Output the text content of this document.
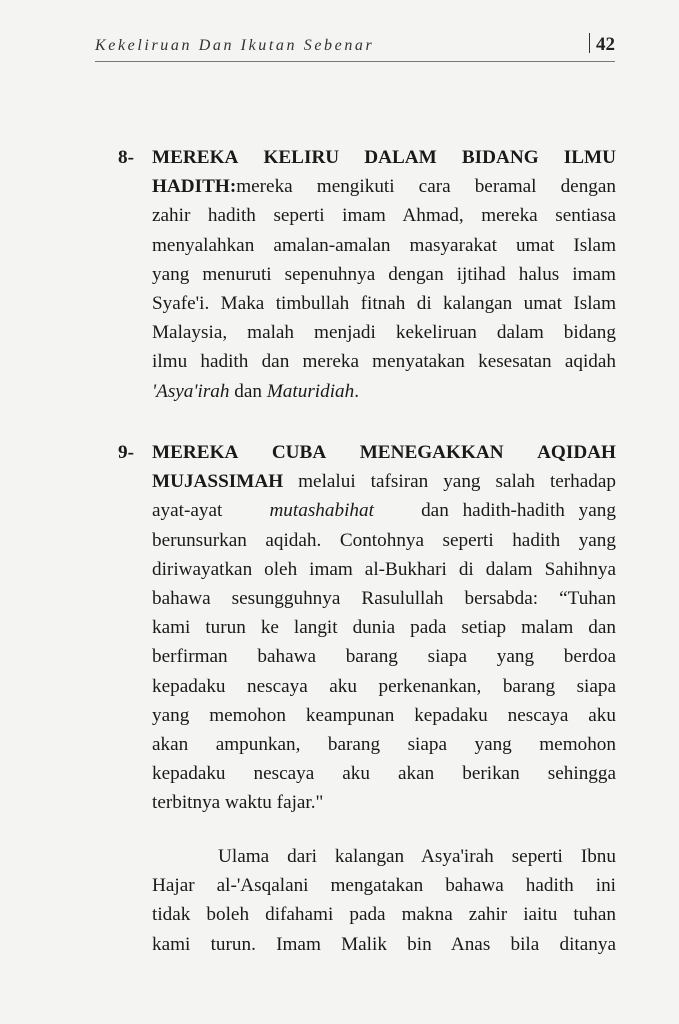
Kekeliruan Dan Ikutan Sebenar	42
8- MEREKA KELIRU DALAM BIDANG ILMU
HADITH:mereka mengikuti cara beramal dengan
zahir hadith seperti imam Ahmad, mereka sentiasa
menyalahkan amalan-amalan masyarakat umat Islam
yang menuruti sepenuhnya dengan ijtihad halus imam
Syafe'i. Maka timbullah fitnah di kalangan umat Islam
Malaysia, malah menjadi kekeliruan dalam bidang
ilmu hadith dan mereka menyatakan kesesatan aqidah
'Asya'irah dan Maturidiah.
9- MEREKA CUBA MENEGAKKAN AQIDAH
MUJASSIMAH melalui tafsiran yang salah terhadap
ayat-ayat mutashabihat dan hadith-hadith yang
berunsurkan aqidah. Contohnya seperti hadith yang
diriwayatkan oleh imam al-Bukhari di dalam Sahihnya
bahawa sesungguhnya Rasulullah bersabda: “Tuhan
kami turun ke langit dunia pada setiap malam dan
berfirman bahawa barang siapa yang berdoa
kepadaku nescaya aku perkenankan, barang siapa
yang memohon keampunan kepadaku nescaya aku
akan ampunkan, barang siapa yang memohon
kepadaku nescaya aku akan berikan sehingga
terbitnya waktu fajar."
Ulama dari kalangan Asya'irah seperti Ibnu
Hajar al-'Asqalani mengatakan bahawa hadith ini
tidak boleh difahami pada makna zahir iaitu tuhan
kami turun. Imam Malik bin Anas bila ditanya
